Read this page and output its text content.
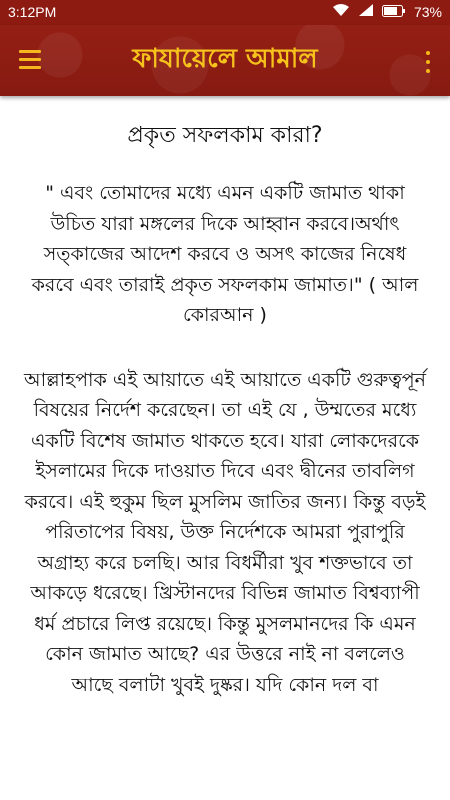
3:12PM	73%
ফাযায়েলে আমাল
প্রকৃত সফলকাম কারা?

" এবং তোমাদের মধ্যে এমন একটি জামাত থাকা উচিত যারা মঙ্গলের দিকে আহ্বান করবে।অর্থাৎ সত্কাজের আদেশ করবে ও অসৎ কাজের নিষেধ করবে এবং তারাই প্রকৃত সফলকাম জামাত।" ( আল কোরআন )

আল্লাহপাক এই আয়াতে এই আয়াতে একটি গুরুত্বপূর্ন বিষয়ের নির্দেশ করেছেন। তা এই যে , উম্মতের মধ্যে একটি বিশেষ জামাত থাকতে হবে। যারা লোকদেরকে ইসলামের দিকে দাওয়াত দিবে এবং দ্বীনের তাবলিগ করবে। এই হুকুম ছিল মুসলিম জাতির জন্য। কিন্তু বড়ই পরিতাপের বিষয়, উক্ত নির্দেশকে আমরা পুরাপুরি অগ্রাহ্য করে চলছি। আর বিধর্মীরা খুব শক্তভাবে তা আকড়ে ধরেছে। খ্রিস্টানদের বিভিন্ন জামাত বিশ্বব্যাপী ধর্ম প্রচারে লিপ্ত রয়েছে। কিন্তু মুসলমানদের কি এমন কোন জামাত আছে? এর উত্তরে নাই না বললেও আছে বলাটা খুবই দুষ্কর। যদি কোন দল বা
